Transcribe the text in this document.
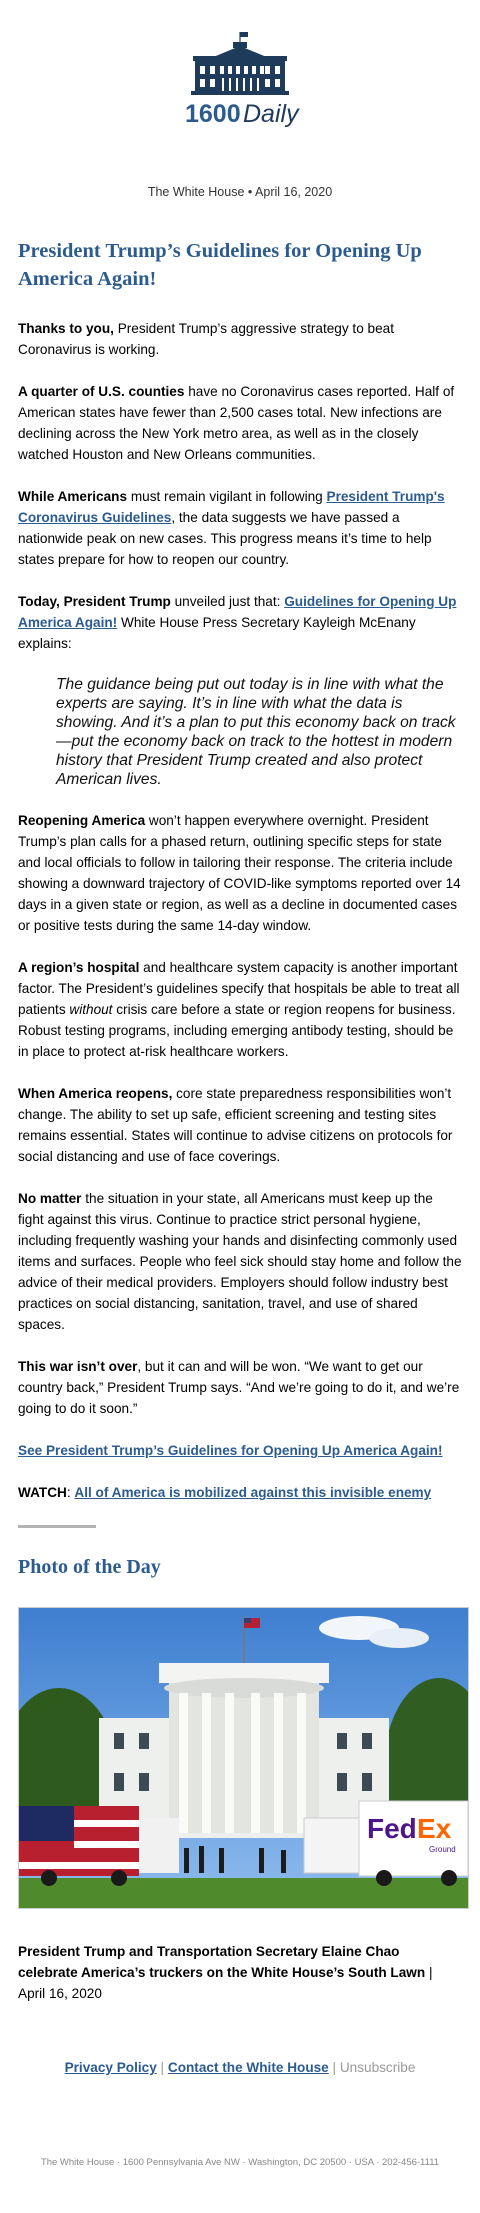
1600 Daily
The White House • April 16, 2020
President Trump’s Guidelines for Opening Up America Again!

Thanks to you, President Trump’s aggressive strategy to beat Coronavirus is working.

A quarter of U.S. counties have no Coronavirus cases reported. Half of American states have fewer than 2,500 cases total. New infections are declining across the New York metro area, as well as in the closely watched Houston and New Orleans communities.

While Americans must remain vigilant in following President Trump's Coronavirus Guidelines, the data suggests we have passed a nationwide peak on new cases. This progress means it’s time to help states prepare for how to reopen our country.

Today, President Trump unveiled just that: Guidelines for Opening Up America Again! White House Press Secretary Kayleigh McEnany explains:

The guidance being put out today is in line with what the experts are saying. It’s in line with what the data is showing. And it’s a plan to put this economy back on track—put the economy back on track to the hottest in modern history that President Trump created and also protect American lives.

Reopening America won’t happen everywhere overnight. President Trump’s plan calls for a phased return, outlining specific steps for state and local officials to follow in tailoring their response. The criteria include showing a downward trajectory of COVID-like symptoms reported over 14 days in a given state or region, as well as a decline in documented cases or positive tests during the same 14-day window.

A region’s hospital and healthcare system capacity is another important factor. The President’s guidelines specify that hospitals be able to treat all patients without crisis care before a state or region reopens for business. Robust testing programs, including emerging antibody testing, should be in place to protect at-risk healthcare workers.

When America reopens, core state preparedness responsibilities won’t change. The ability to set up safe, efficient screening and testing sites remains essential. States will continue to advise citizens on protocols for social distancing and use of face coverings.

No matter the situation in your state, all Americans must keep up the fight against this virus. Continue to practice strict personal hygiene, including frequently washing your hands and disinfecting commonly used items and surfaces. People who feel sick should stay home and follow the advice of their medical providers. Employers should follow industry best practices on social distancing, sanitation, travel, and use of shared spaces.

This war isn’t over, but it can and will be won. “We want to get our country back,” President Trump says. “And we’re going to do it, and we’re going to do it soon.”

See President Trump’s Guidelines for Opening Up America Again!

WATCH: All of America is mobilized against this invisible enemy

Photo of the Day
Fed Ex
Ground

President Trump and Transportation Secretary Elaine Chao celebrate America’s truckers on the White House’s South Lawn | April 16, 2020

Privacy Policy | Contact the White House | Unsubscribe
The White House · 1600 Pennsylvania Ave NW · Washington, DC 20500 · USA · 202-456-1111
